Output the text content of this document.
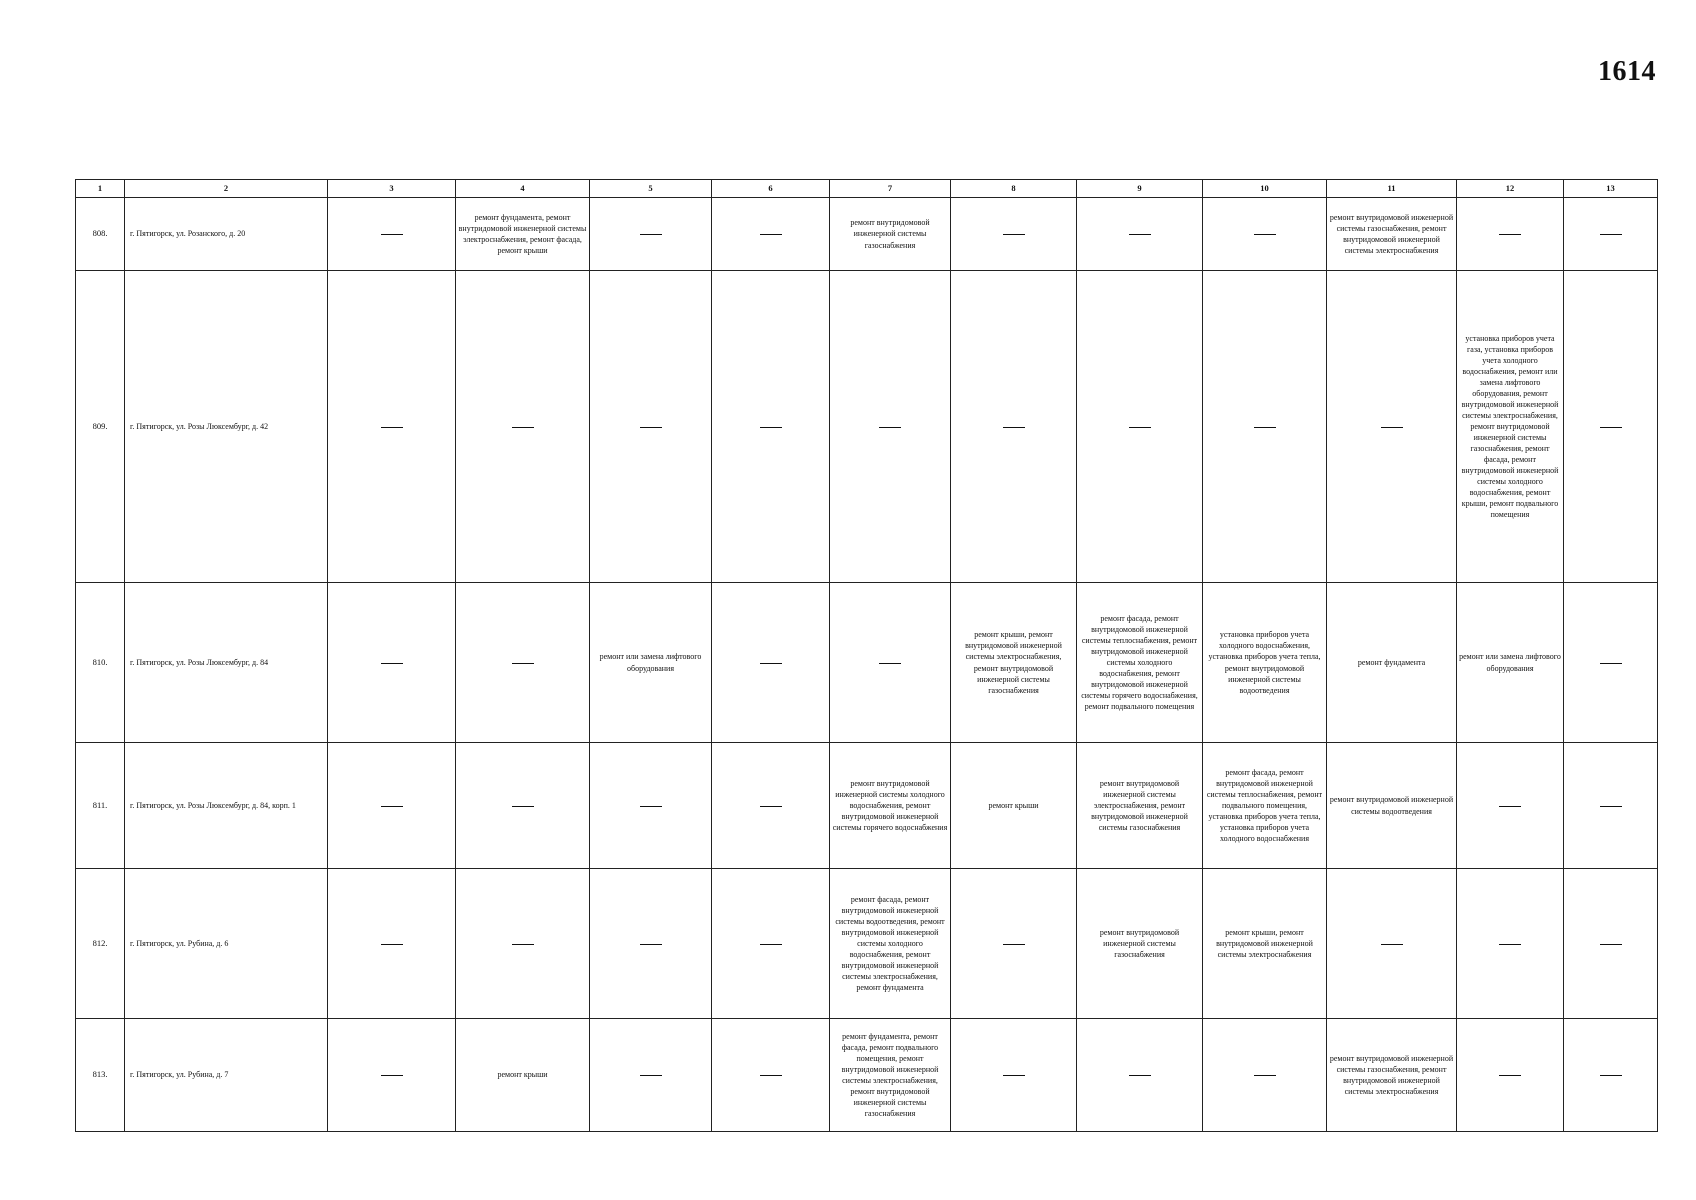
1614
1	2	3	4	5	6	7	8	9	10	11	12	13
808.	г. Пятигорск, ул. Розанского, д. 20		ремонт фундамента, ремонт внутридомовой инженерной системы электроснабжения, ремонт фасада, ремонт крыши			ремонт внутридомовой инженерной системы газоснабжения				ремонт внутридомовой инженерной системы газоснабжения, ремонт внутридомовой инженерной системы электроснабжения		
809.	г. Пятигорск, ул. Розы Люксембург, д. 42										установка приборов учета газа, установка приборов учета холодного водоснабжения, ремонт или замена лифтового оборудования, ремонт внутридомовой инженерной системы электроснабжения, ремонт внутридомовой инженерной системы газоснабжения, ремонт фасада, ремонт внутридомовой инженерной системы холодного водоснабжения, ремонт крыши, ремонт подвального помещения	
810.	г. Пятигорск, ул. Розы Люксембург, д. 84			ремонт или замена лифтового оборудования			ремонт крыши, ремонт внутридомовой инженерной системы электроснабжения, ремонт внутридомовой инженерной системы газоснабжения	ремонт фасада, ремонт внутридомовой инженерной системы теплоснабжения, ремонт внутридомовой инженерной системы холодного водоснабжения, ремонт внутридомовой инженерной системы горячего водоснабжения, ремонт подвального помещения	установка приборов учета холодного водоснабжения, установка приборов учета тепла, ремонт внутридомовой инженерной системы водоотведения	ремонт фундамента	ремонт или замена лифтового оборудования	
811.	г. Пятигорск, ул. Розы Люксембург, д. 84, корп. 1					ремонт внутридомовой инженерной системы холодного водоснабжения, ремонт внутридомовой инженерной системы горячего водоснабжения	ремонт крыши	ремонт внутридомовой инженерной системы электроснабжения, ремонт внутридомовой инженерной системы газоснабжения	ремонт фасада, ремонт внутридомовой инженерной системы теплоснабжения, ремонт подвального помещения, установка приборов учета тепла, установка приборов учета холодного водоснабжения	ремонт внутридомовой инженерной системы водоотведения		
812.	г. Пятигорск, ул. Рубина, д. 6					ремонт фасада, ремонт внутридомовой инженерной системы водоотведения, ремонт внутридомовой инженерной системы холодного водоснабжения, ремонт внутридомовой инженерной системы электроснабжения, ремонт фундамента		ремонт внутридомовой инженерной системы газоснабжения	ремонт крыши, ремонт внутридомовой инженерной системы электроснабжения			
813.	г. Пятигорск, ул. Рубина, д. 7		ремонт крыши			ремонт фундамента, ремонт фасада, ремонт подвального помещения, ремонт внутридомовой инженерной системы электроснабжения, ремонт внутридомовой инженерной системы газоснабжения				ремонт внутридомовой инженерной системы газоснабжения, ремонт внутридомовой инженерной системы электроснабжения		
